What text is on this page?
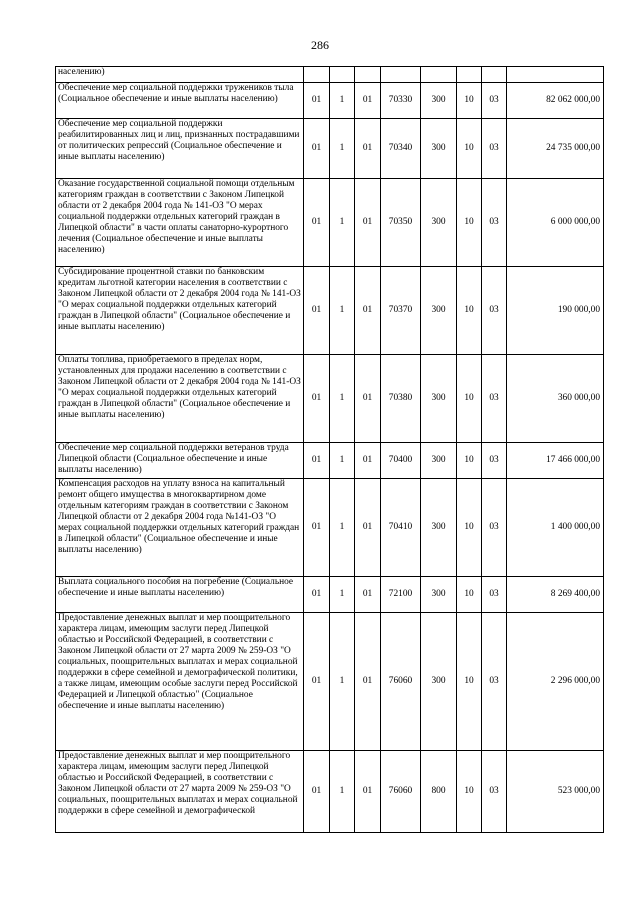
286
населению)								
Обеспечение мер социальной поддержки тружеников тыла (Социальное обеспечение и иные выплаты населению)	01	1	01	70330	300	10	03	82 062 000,00
Обеспечение мер социальной поддержки реабилитированных лиц и лиц, признанных пострадавшими от политических репрессий (Социальное обеспечение и иные выплаты населению)	01	1	01	70340	300	10	03	24 735 000,00
Оказание государственной социальной помощи отдельным категориям граждан в соответствии с Законом Липецкой области от 2 декабря 2004 года № 141-ОЗ "О мерах социальной поддержки отдельных категорий граждан в Липецкой области" в части оплаты санаторно-курортного лечения (Социальное обеспечение и иные выплаты населению)	01	1	01	70350	300	10	03	6 000 000,00
Субсидирование процентной ставки по банковским кредитам льготной категории населения в соответствии с Законом Липецкой области от 2 декабря 2004 года № 141-ОЗ "О мерах социальной поддержки отдельных категорий граждан в Липецкой области" (Социальное обеспечение и иные выплаты населению)	01	1	01	70370	300	10	03	190 000,00
Оплаты топлива, приобретаемого в пределах норм, установленных для продажи населению в соответствии с Законом Липецкой области от 2 декабря 2004 года № 141-ОЗ "О мерах социальной поддержки отдельных категорий граждан в Липецкой области" (Социальное обеспечение и иные выплаты населению)	01	1	01	70380	300	10	03	360 000,00
Обеспечение мер социальной поддержки ветеранов труда Липецкой области (Социальное обеспечение и иные выплаты населению)	01	1	01	70400	300	10	03	17 466 000,00
Компенсация расходов на уплату взноса на капитальный ремонт общего имущества в многоквартирном доме отдельным категориям граждан в соответствии с Законом Липецкой области от 2 декабря 2004 года №141-ОЗ "О мерах социальной поддержки отдельных категорий граждан в Липецкой области" (Социальное обеспечение и иные выплаты населению)	01	1	01	70410	300	10	03	1 400 000,00
Выплата социального пособия на погребение (Социальное обеспечение и иные выплаты населению)	01	1	01	72100	300	10	03	8 269 400,00
Предоставление денежных выплат и мер поощрительного характера лицам, имеющим заслуги перед Липецкой областью и Российской Федерацией, в соответствии с Законом Липецкой области от 27 марта 2009 № 259-ОЗ "О социальных, поощрительных выплатах и мерах социальной поддержки в сфере семейной и демографической политики, а также лицам, имеющим особые заслуги перед Российской Федерацией и Липецкой областью" (Социальное обеспечение и иные выплаты населению)	01	1	01	76060	300	10	03	2 296 000,00
Предоставление денежных выплат и мер поощрительного характера лицам, имеющим заслуги перед Липецкой областью и Российской Федерацией, в соответствии с Законом Липецкой области от 27 марта 2009 № 259-ОЗ "О социальных, поощрительных выплатах и мерах социальной поддержки в сфере семейной и демографической	01	1	01	76060	800	10	03	523 000,00
